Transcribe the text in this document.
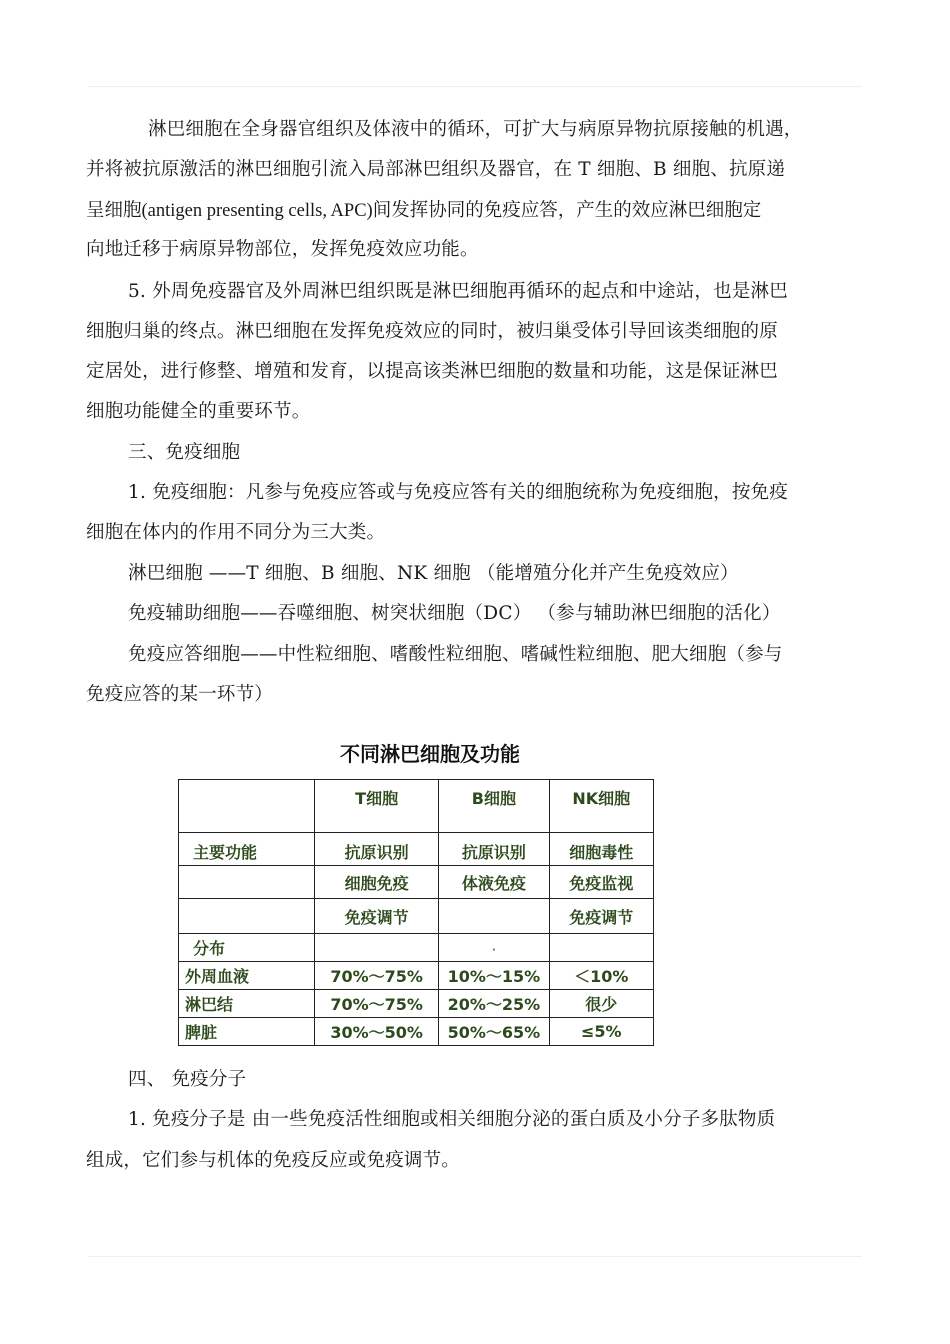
淋巴细胞在全身器官组织及体液中的循环，可扩大与病原异物抗原接触的机遇，
并将被抗原激活的淋巴细胞引流入局部淋巴组织及器官，在 T 细胞、B 细胞、抗原递
呈细胞(antigen presenting cells, APC)间发挥协同的免疫应答，产生的效应淋巴细胞定
向地迁移于病原异物部位，发挥免疫效应功能。
5. 外周免疫器官及外周淋巴组织既是淋巴细胞再循环的起点和中途站，也是淋巴
细胞归巢的终点。淋巴细胞在发挥免疫效应的同时，被归巢受体引导回该类细胞的原
定居处，进行修整、增殖和发育，以提高该类淋巴细胞的数量和功能，这是保证淋巴
细胞功能健全的重要环节。
三、免疫细胞
1. 免疫细胞：凡参与免疫应答或与免疫应答有关的细胞统称为免疫细胞，按免疫
细胞在体内的作用不同分为三大类。
淋巴细胞 ——T 细胞、B 细胞、NK 细胞 （能增殖分化并产生免疫效应）
免疫辅助细胞——吞噬细胞、树突状细胞（DC） （参与辅助淋巴细胞的活化）
免疫应答细胞——中性粒细胞、嗜酸性粒细胞、嗜碱性粒细胞、肥大细胞（参与
免疫应答的某一环节）
不同淋巴细胞及功能
	T细胞	B细胞	NK细胞
主要功能	抗原识别	抗原识别	细胞毒性
	细胞免疫	体液免疫	免疫监视
	免疫调节		免疫调节
分布		·	
外周血液	70%～75%	10%～15%	＜10%
淋巴结	70%～75%	20%～25%	很少
脾脏	30%～50%	50%～65%	≤5%
四、 免疫分子
1. 免疫分子是 由一些免疫活性细胞或相关细胞分泌的蛋白质及小分子多肽物质
组成，它们参与机体的免疫反应或免疫调节。
